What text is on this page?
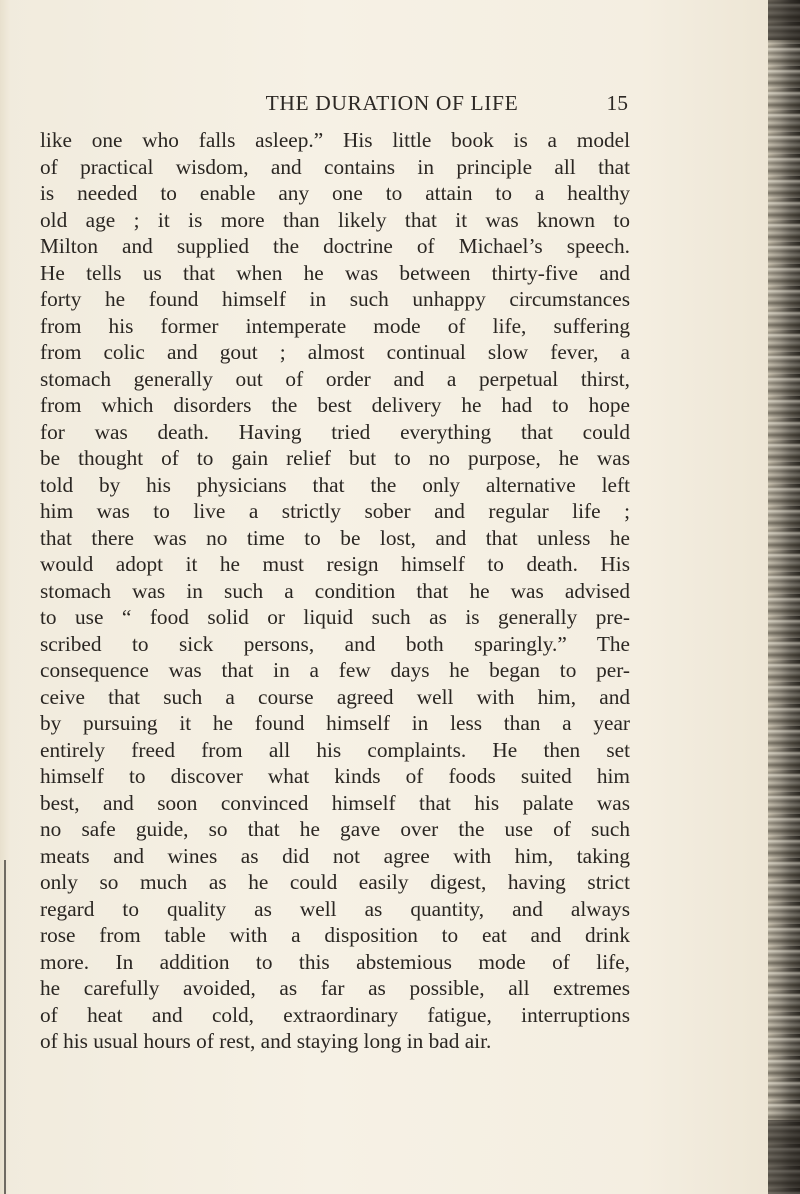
THE DURATION OF LIFE	15
like one who falls asleep.” His little book is a model
of practical wisdom, and contains in principle all that
is needed to enable any one to attain to a healthy
old age ; it is more than likely that it was known to
Milton and supplied the doctrine of Michael’s speech.
He tells us that when he was between thirty-five and
forty he found himself in such unhappy circumstances
from his former intemperate mode of life, suffering
from colic and gout ; almost continual slow fever, a
stomach generally out of order and a perpetual thirst,
from which disorders the best delivery he had to hope
for was death. Having tried everything that could
be thought of to gain relief but to no purpose, he was
told by his physicians that the only alternative left
him was to live a strictly sober and regular life ;
that there was no time to be lost, and that unless he
would adopt it he must resign himself to death. His
stomach was in such a condition that he was advised
to use “ food solid or liquid such as is generally pre-
scribed to sick persons, and both sparingly.” The
consequence was that in a few days he began to per-
ceive that such a course agreed well with him, and
by pursuing it he found himself in less than a year
entirely freed from all his complaints. He then set
himself to discover what kinds of foods suited him
best, and soon convinced himself that his palate was
no safe guide, so that he gave over the use of such
meats and wines as did not agree with him, taking
only so much as he could easily digest, having strict
regard to quality as well as quantity, and always
rose from table with a disposition to eat and drink
more. In addition to this abstemious mode of life,
he carefully avoided, as far as possible, all extremes
of heat and cold, extraordinary fatigue, interruptions
of his usual hours of rest, and staying long in bad air.
